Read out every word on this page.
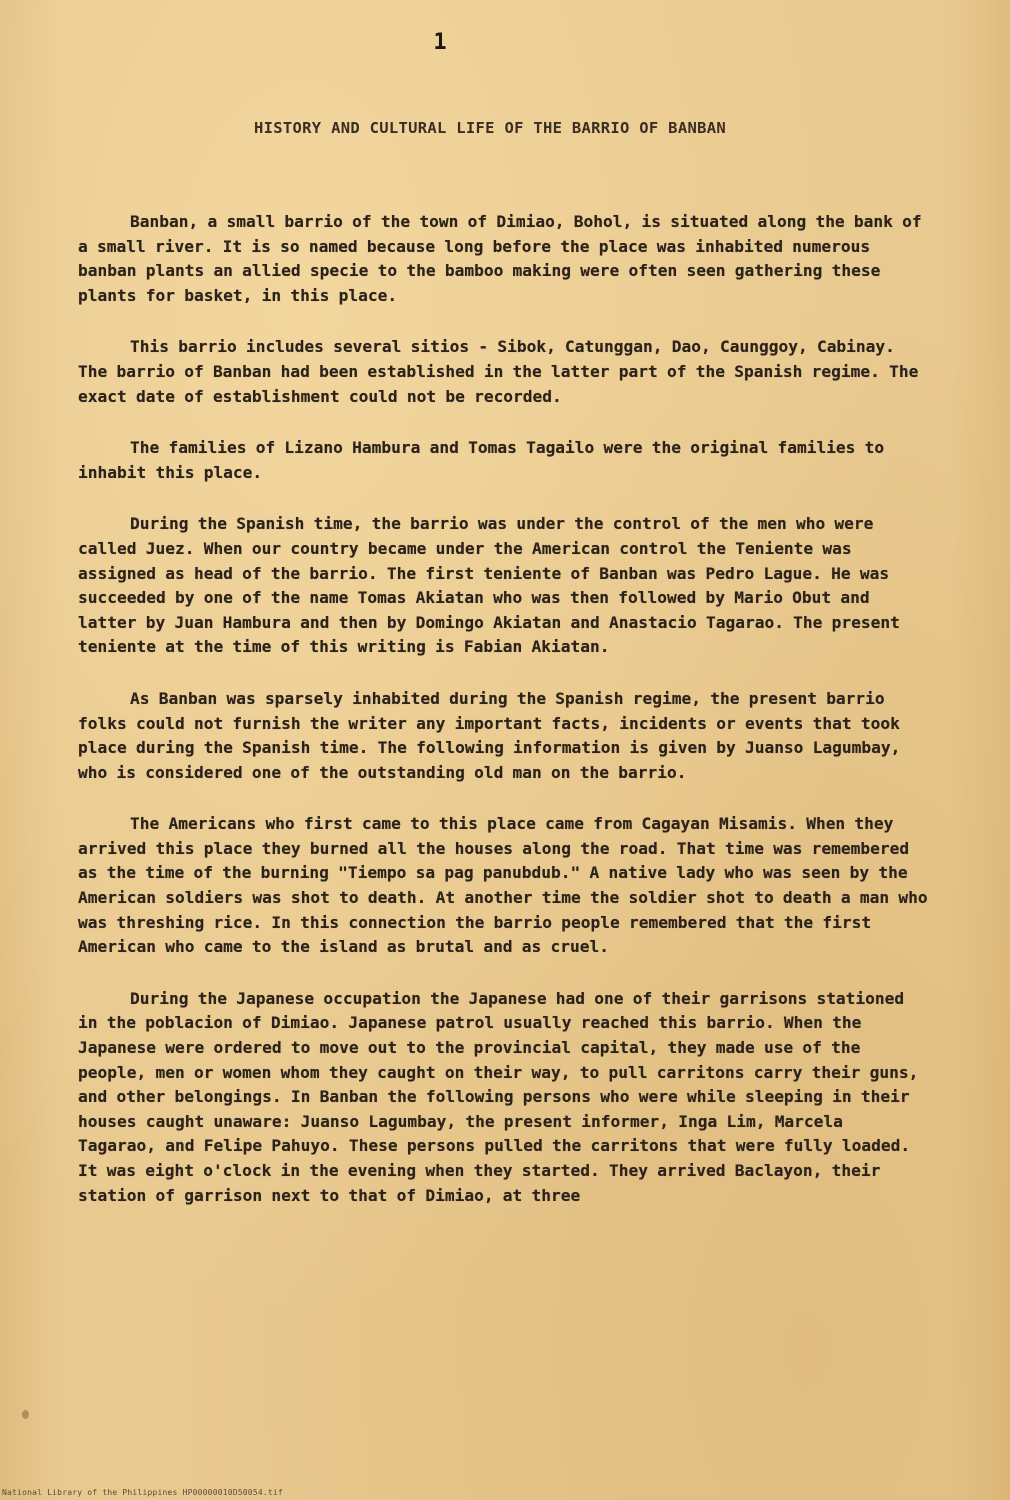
1
HISTORY AND CULTURAL LIFE OF THE BARRIO OF BANBAN

Banban, a small barrio of the town of Dimiao, Bohol, is situated along the bank of a small river. It is so named because long before the place was inhabited numerous banban plants an allied specie to the bamboo making were often seen gathering these plants for basket, in this place.

This barrio includes several sitios - Sibok, Catunggan, Dao, Caunggoy, Cabinay. The barrio of Banban had been established in the latter part of the Spanish regime. The exact date of establishment could not be recorded.

The families of Lizano Hambura and Tomas Tagailo were the original families to inhabit this place.

During the Spanish time, the barrio was under the control of the men who were called Juez. When our country became under the American control the Teniente was assigned as head of the barrio. The first teniente of Banban was Pedro Lague. He was succeeded by one of the name Tomas Akiatan who was then followed by Mario Obut and latter by Juan Hambura and then by Domingo Akiatan and Anastacio Tagarao. The present teniente at the time of this writing is Fabian Akiatan.

As Banban was sparsely inhabited during the Spanish regime, the present barrio folks could not furnish the writer any important facts, incidents or events that took place during the Spanish time. The following information is given by Juanso Lagumbay, who is considered one of the outstanding old man on the barrio.

The Americans who first came to this place came from Cagayan Misamis. When they arrived this place they burned all the houses along the road. That time was remembered as the time of the burning "Tiempo sa pag panubdub." A native lady who was seen by the American soldiers was shot to death. At another time the soldier shot to death a man who was threshing rice. In this connection the barrio people remembered that the first American who came to the island as brutal and as cruel.

During the Japanese occupation the Japanese had one of their garrisons stationed in the poblacion of Dimiao. Japanese patrol usually reached this barrio. When the Japanese were ordered to move out to the provincial capital, they made use of the people, men or women whom they caught on their way, to pull carritons carry their guns, and other belongings. In Banban the following persons who were while sleeping in their houses caught unaware: Juanso Lagumbay, the present informer, Inga Lim, Marcela Tagarao, and Felipe Pahuyo. These persons pulled the carritons that were fully loaded. It was eight o'clock in the evening when they started. They arrived Baclayon, their station of garrison next to that of Dimiao, at three

National Library of the Philippines HP00000010D50054.tif
